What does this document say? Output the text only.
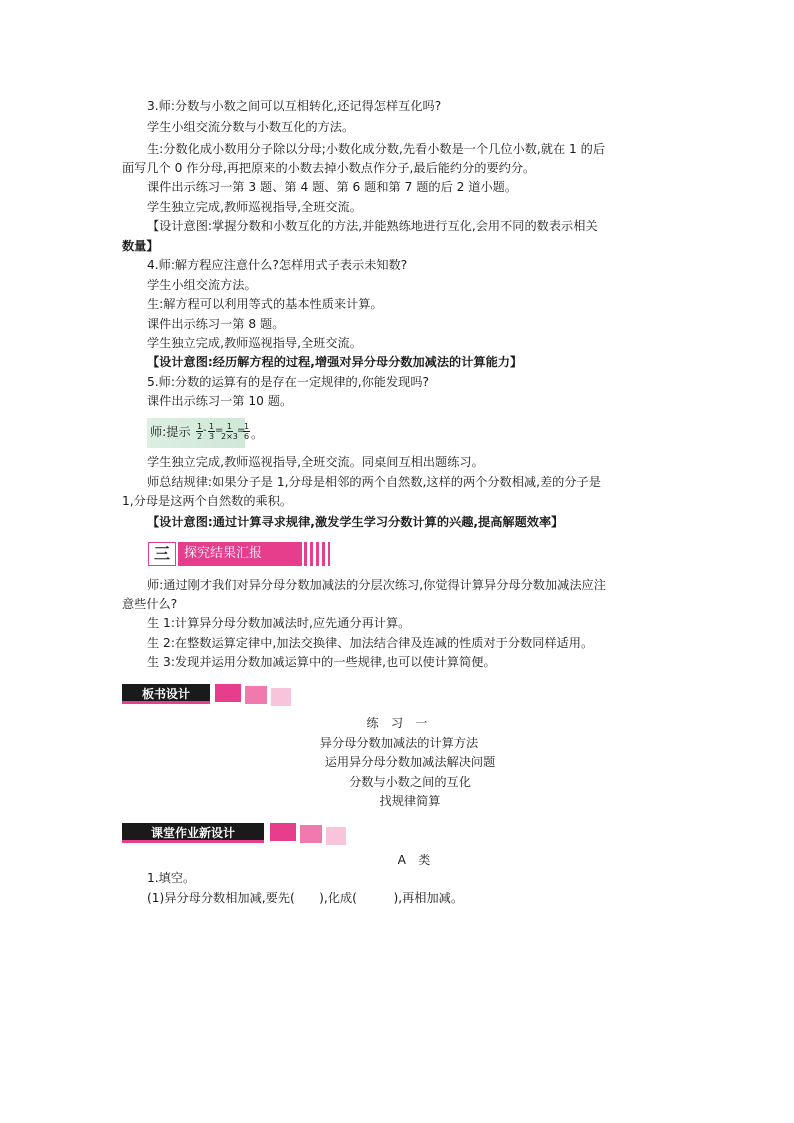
3.师:分数与小数之间可以互相转化,还记得怎样互化吗?
学生小组交流分数与小数互化的方法。
生:分数化成小数用分子除以分母;小数化成分数,先看小数是一个几位小数,就在 1 的后
面写几个 0 作分母,再把原来的小数去掉小数点作分子,最后能约分的要约分。
课件出示练习一第 3 题、第 4 题、第 6 题和第 7 题的后 2 道小题。
学生独立完成,教师巡视指导,全班交流。
【设计意图:掌握分数和小数互化的方法,并能熟练地进行互化,会用不同的数表示相关
数量】
4.师:解方程应注意什么?怎样用式子表示未知数?
学生小组交流方法。
生:解方程可以利用等式的基本性质来计算。
课件出示练习一第 8 题。
学生独立完成,教师巡视指导,全班交流。
【设计意图:经历解方程的过程,增强对异分母分数加减法的计算能力】
5.师:分数的运算有的是存在一定规律的,你能发现吗?
课件出示练习一第 10 题。
师:提示 $\frac{1}{2} - \frac{1}{3}$ =
$\frac{1}{2\times 3}$ =
$\frac{1}{6}$ 。
学生独立完成,教师巡视指导,全班交流。同桌间互相出题练习。
师总结规律:如果分子是 1,分母是相邻的两个自然数,这样的两个分数相减,差的分子是
1,分母是这两个自然数的乘积。
【设计意图:通过计算寻求规律,激发学生学习分数计算的兴趣,提高解题效率】
三	探究结果汇报
师:通过刚才我们对异分母分数加减法的分层次练习,你觉得计算异分母分数加减法应注
意些什么?
生 1:计算异分母分数加减法时,应先通分再计算。
生 2:在整数运算定律中,加法交换律、加法结合律及连减的性质对于分数同样适用。
生 3:发现并运用分数加减运算中的一些规律,也可以使计算简便。
板书设计
练　习　一
异分母分数加减法的计算方法
运用异分母分数加减法解决问题
分数与小数之间的互化
找规律简算
课堂作业新设计
A　类
1.填空。
(1)异分母分数相加减,要先(　　),化成(　　　),再相加减。
